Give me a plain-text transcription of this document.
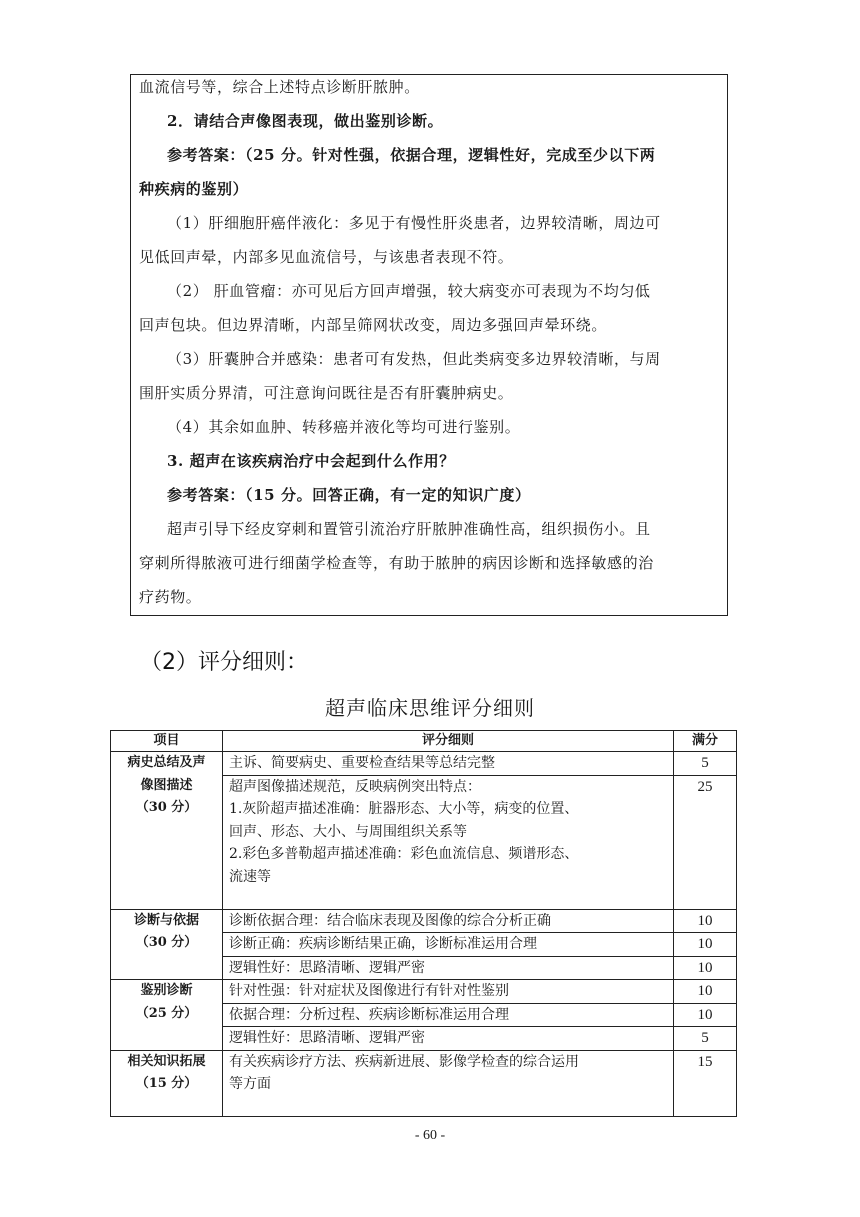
血流信号等，综合上述特点诊断肝脓肿。
2．请结合声像图表现，做出鉴别诊断。
参考答案：（25 分。针对性强，依据合理，逻辑性好，完成至少以下两
种疾病的鉴别）
（1）肝细胞肝癌伴液化：多见于有慢性肝炎患者，边界较清晰，周边可
见低回声晕，内部多见血流信号，与该患者表现不符。
（2） 肝血管瘤：亦可见后方回声增强，较大病变亦可表现为不均匀低
回声包块。但边界清晰，内部呈筛网状改变，周边多强回声晕环绕。
（3）肝囊肿合并感染：患者可有发热，但此类病变多边界较清晰，与周
围肝实质分界清，可注意询问既往是否有肝囊肿病史。
（4）其余如血肿、转移癌并液化等均可进行鉴别。
3. 超声在该疾病治疗中会起到什么作用？
参考答案：（15 分。回答正确，有一定的知识广度）
超声引导下经皮穿刺和置管引流治疗肝脓肿准确性高，组织损伤小。且
穿刺所得脓液可进行细菌学检查等，有助于脓肿的病因诊断和选择敏感的治
疗药物。
（2）评分细则：
超声临床思维评分细则
项目	评分细则	满分

病史总结及声
像图描述
（30 分）	主诉、简要病史、重要检查结果等总结完整	5

	超声图像描述规范，反映病例突出特点：
1.灰阶超声描述准确：脏器形态、大小等，病变的位置、
回声、形态、大小、与周围组织关系等
2.彩色多普勒超声描述准确：彩色血流信息、频谱形态、
流速等	25

诊断与依据
（30 分）	诊断依据合理：结合临床表现及图像的综合分析正确	10

	诊断正确：疾病诊断结果正确，诊断标准运用合理	10

	逻辑性好：思路清晰、逻辑严密	10

鉴别诊断
（25 分）	针对性强：针对症状及图像进行有针对性鉴别	10

	依据合理：分析过程、疾病诊断标准运用合理	10

	逻辑性好：思路清晰、逻辑严密	5

相关知识拓展
（15 分）	有关疾病诊疗方法、疾病新进展、影像学检查的综合运用
等方面	15
- 60 -
